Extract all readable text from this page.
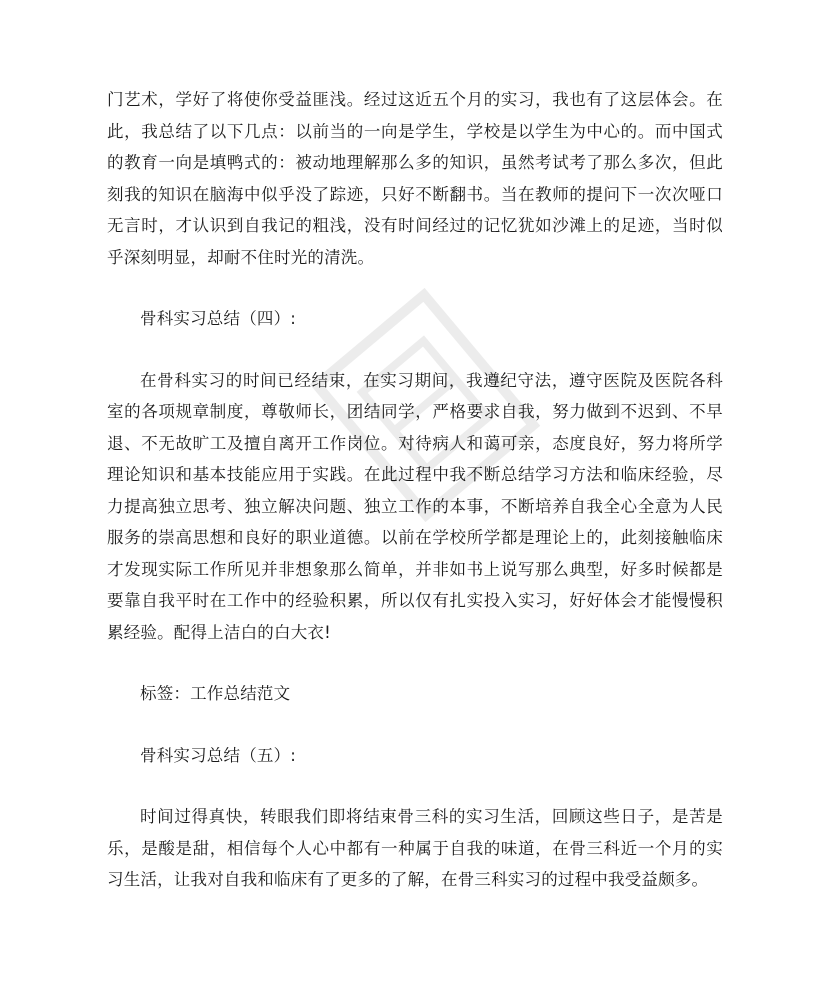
门艺术，学好了将使你受益匪浅。经过这近五个月的实习，我也有了这层体会。在此，我总结了以下几点：以前当的一向是学生，学校是以学生为中心的。而中国式的教育一向是填鸭式的：被动地理解那么多的知识，虽然考试考了那么多次，但此刻我的知识在脑海中似乎没了踪迹，只好不断翻书。当在教师的提问下一次次哑口无言时，才认识到自我记的粗浅，没有时间经过的记忆犹如沙滩上的足迹，当时似乎深刻明显，却耐不住时光的清洗。

骨科实习总结（四）:

在骨科实习的时间已经结束，在实习期间，我遵纪守法，遵守医院及医院各科室的各项规章制度，尊敬师长，团结同学，严格要求自我，努力做到不迟到、不早退、不无故旷工及擅自离开工作岗位。对待病人和蔼可亲，态度良好，努力将所学理论知识和基本技能应用于实践。在此过程中我不断总结学习方法和临床经验，尽力提高独立思考、独立解决问题、独立工作的本事，不断培养自我全心全意为人民服务的崇高思想和良好的职业道德。以前在学校所学都是理论上的，此刻接触临床才发现实际工作所见并非想象那么简单，并非如书上说写那么典型，好多时候都是要靠自我平时在工作中的经验积累，所以仅有扎实投入实习，好好体会才能慢慢积累经验。配得上洁白的白大衣!

标签：工作总结范文

骨科实习总结（五）:

时间过得真快，转眼我们即将结束骨三科的实习生活，回顾这些日子，是苦是乐，是酸是甜，相信每个人心中都有一种属于自我的味道，在骨三科近一个月的实习生活，让我对自我和临床有了更多的了解，在骨三科实习的过程中我受益颇多。
